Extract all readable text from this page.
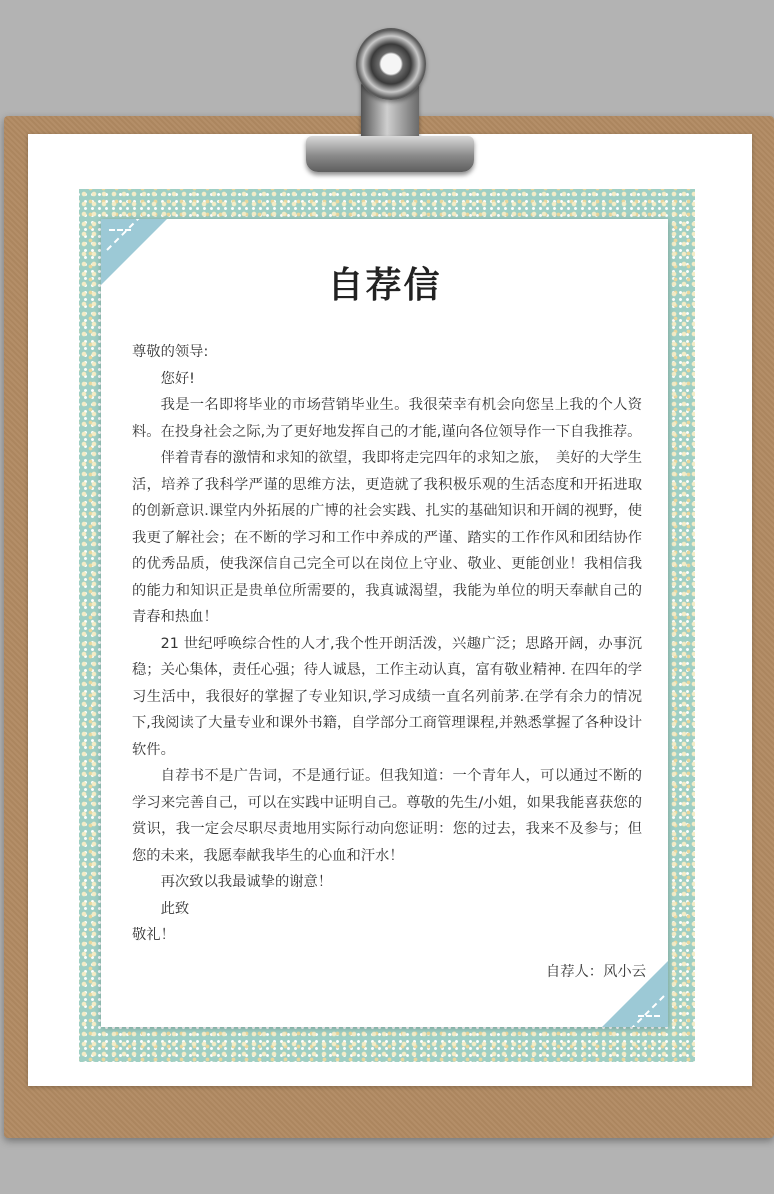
自荐信

尊敬的领导:

您好!

我是一名即将毕业的市场营销毕业生。我很荣幸有机会向您呈上我的个人资料。在投身社会之际,为了更好地发挥自己的才能,谨向各位领导作一下自我推荐。

伴着青春的激情和求知的欲望，我即将走完四年的求知之旅，　美好的大学生活，培养了我科学严谨的思维方法，更造就了我积极乐观的生活态度和开拓进取的创新意识.课堂内外拓展的广博的社会实践、扎实的基础知识和开阔的视野，使我更了解社会；在不断的学习和工作中养成的严谨、踏实的工作作风和团结协作的优秀品质，使我深信自己完全可以在岗位上守业、敬业、更能创业！我相信我的能力和知识正是贵单位所需要的，我真诚渴望，我能为单位的明天奉献自己的青春和热血！

21 世纪呼唤综合性的人才,我个性开朗活泼，兴趣广泛；思路开阔，办事沉稳；关心集体，责任心强；待人诚恳，工作主动认真，富有敬业精神. 在四年的学习生活中，我很好的掌握了专业知识,学习成绩一直名列前茅.在学有余力的情况下,我阅读了大量专业和课外书籍，自学部分工商管理课程,并熟悉掌握了各种设计软件。

自荐书不是广告词，不是通行证。但我知道：一个青年人，可以通过不断的学习来完善自己，可以在实践中证明自己。尊敬的先生/小姐，如果我能喜获您的赏识，我一定会尽职尽责地用实际行动向您证明：您的过去，我来不及参与；但您的未来，我愿奉献我毕生的心血和汗水！

再次致以我最诚挚的谢意！

此致

敬礼！

自荐人：风小云
